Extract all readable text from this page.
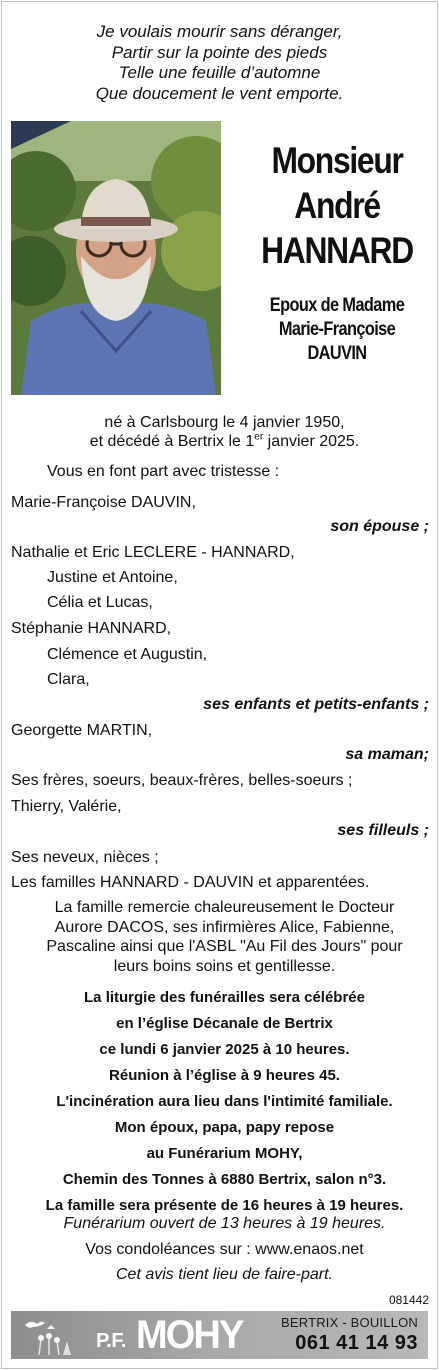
Je voulais mourir sans déranger,
Partir sur la pointe des pieds
Telle une feuille d’automne
Que doucement le vent emporte.
Monsieur
André
HANNARD
Epoux de Madame
Marie-Françoise
DAUVIN
né à Carlsbourg le 4 janvier 1950,
et décédé à Bertrix le 1er janvier 2025.
Vous en font part avec tristesse :
Marie-Françoise DAUVIN,
son épouse ;
Nathalie et Eric LECLERE - HANNARD,
Justine et Antoine,
Célia et Lucas,
Stéphanie HANNARD,
Clémence et Augustin,
Clara,
ses enfants et petits-enfants ;
Georgette MARTIN,
sa maman;
Ses frères, soeurs, beaux-frères, belles-soeurs ;
Thierry, Valérie,
ses filleuls ;
Ses neveux, nièces ;
Les familles HANNARD - DAUVIN et apparentées.
La famille remercie chaleureusement le Docteur
Aurore DACOS, ses infirmières Alice, Fabienne,
Pascaline ainsi que l'ASBL "Au Fil des Jours" pour
leurs boins soins et gentillesse.
La liturgie des funérailles sera célébrée
en l’église Décanale de Bertrix
ce lundi 6 janvier 2025 à 10 heures.
Réunion à l’église à 9 heures 45.
L'incinération aura lieu dans l'intimité familiale.
Mon époux, papa, papy repose
au Funérarium MOHY,
Chemin des Tonnes à 6880 Bertrix, salon n°3.
La famille sera présente de 16 heures à 19 heures.
Funérarium ouvert de 13 heures à 19 heures.
Vos condoléances sur : www.enaos.net
Cet avis tient lieu de faire-part.
081442
P.F. MOHY	BERTRIX - BOUILLON
061 41 14 93
